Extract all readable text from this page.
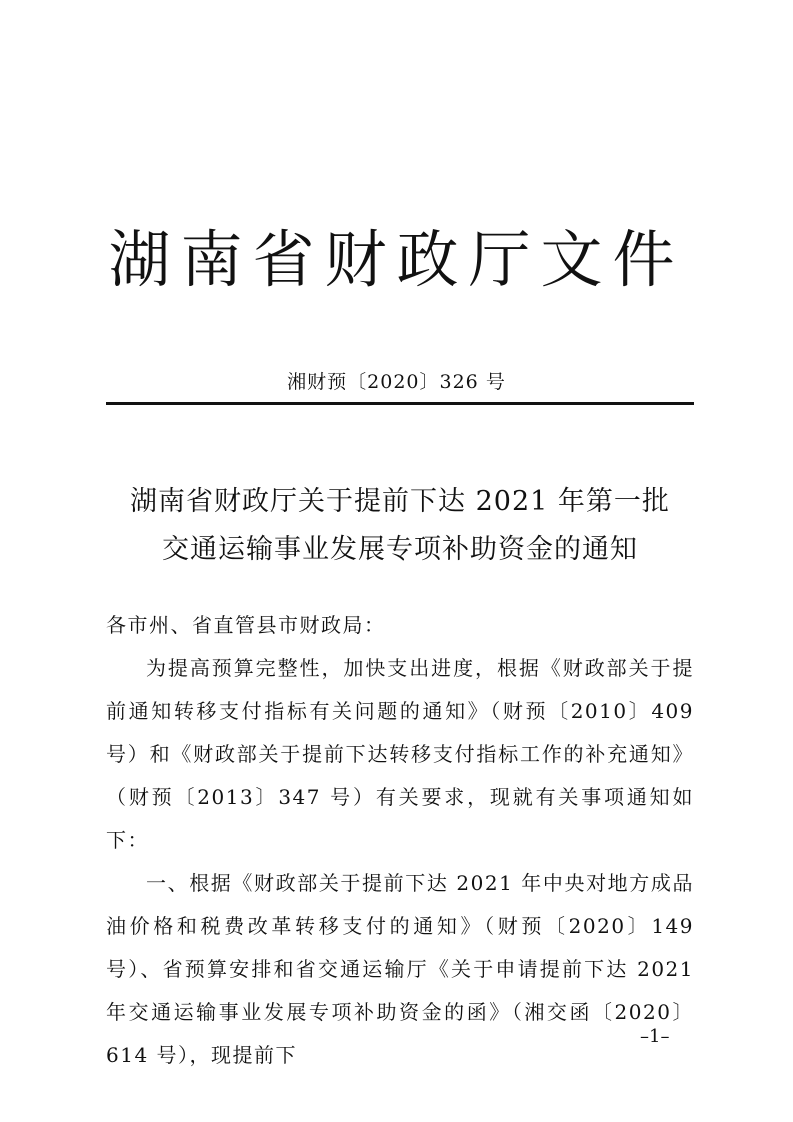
湖南省财政厅文件
湘财预〔2020〕326 号
湖南省财政厅关于提前下达 2021 年第一批
交通运输事业发展专项补助资金的通知

各市州、省直管县市财政局：

为提高预算完整性，加快支出进度，根据《财政部关于提前通知转移支付指标有关问题的通知》（财预〔2010〕409 号）和《财政部关于提前下达转移支付指标工作的补充通知》（财预〔2013〕347 号）有关要求，现就有关事项通知如下：

一、根据《财政部关于提前下达 2021 年中央对地方成品油价格和税费改革转移支付的通知》（财预〔2020〕149 号）、省预算安排和省交通运输厅《关于申请提前下达 2021 年交通运输事业发展专项补助资金的函》（湘交函〔2020〕614 号），现提前下

–1–
